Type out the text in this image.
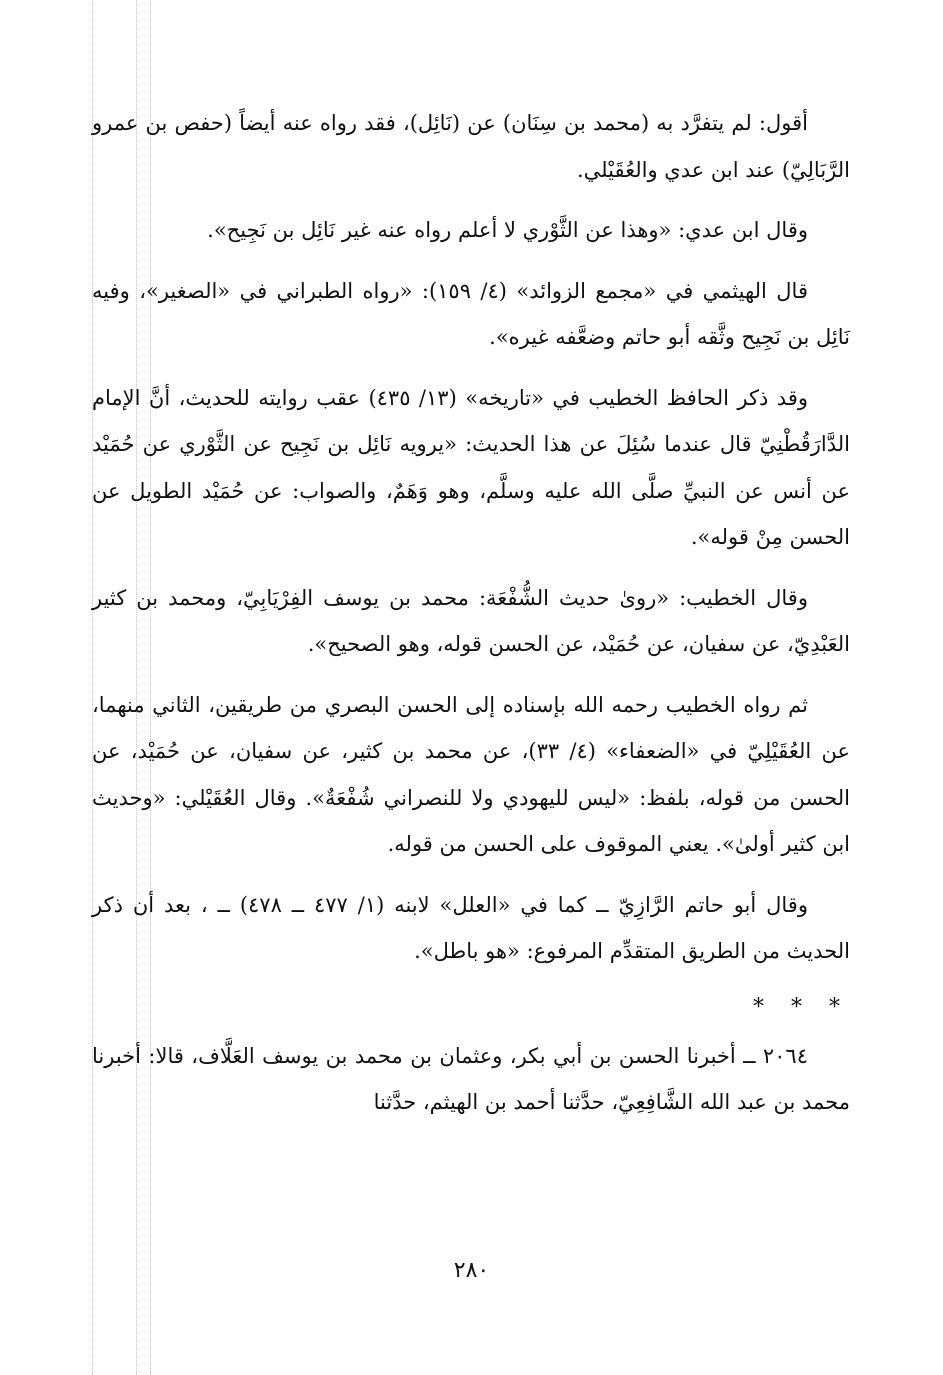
أقول: لم يتفرَّد به (محمد بن سِنَان) عن (نَائِل)، فقد رواه عنه أيضاً (حفص بن عمرو الرَّبَالِيّ) عند ابن عدي والعُقَيْلي.

وقال ابن عدي: «وهذا عن الثَّوْري لا أعلم رواه عنه غير نَائِل بن نَجِيح».

قال الهيثمي في «مجمع الزوائد» (٤/ ١٥٩): «رواه الطبراني في «الصغير»، وفيه نَائِل بن نَجِيح وثَّقه أبو حاتم وضعَّفه غيره».

وقد ذكر الحافظ الخطيب في «تاريخه» (١٣/ ٤٣٥) عقب روايته للحديث، أنَّ الإمام الدَّارَقُطْنِيّ قال عندما سُئِلَ عن هذا الحديث: «يرويه نَائِل بن نَجِيح عن الثَّوْري عن حُمَيْد عن أنس عن النبيِّ صلَّى الله عليه وسلَّم، وهو وَهَمٌ، والصواب: عن حُمَيْد الطويل عن الحسن مِنْ قوله».

وقال الخطيب: «روىٰ حديث الشُّفْعَة: محمد بن يوسف الفِرْيَابِيّ، ومحمد بن كثير العَبْدِيّ، عن سفيان، عن حُمَيْد، عن الحسن قوله، وهو الصحيح».

ثم رواه الخطيب رحمه الله بإسناده إلى الحسن البصري من طريقين، الثاني منهما، عن العُقَيْلِيّ في «الضعفاء» (٤/ ٣٣)، عن محمد بن كثير، عن سفيان، عن حُمَيْد، عن الحسن من قوله، بلفظ: «ليس لليهودي ولا للنصراني شُفْعَةٌ». وقال العُقَيْلي: «وحديث ابن كثير أولىٰ». يعني الموقوف على الحسن من قوله.

وقال أبو حاتم الرَّازِيّ ــ كما في «العلل» لابنه (١/ ٤٧٧ ــ ٤٧٨) ــ ، بعد أن ذكر الحديث من الطريق المتقدِّم المرفوع: «هو باطل».

* * *

٢٠٦٤ ــ أخبرنا الحسن بن أبي بكر، وعثمان بن محمد بن يوسف العَلَّاف، قالا: أخبرنا محمد بن عبد الله الشَّافِعِيّ، حدَّثنا أحمد بن الهيثم، حدَّثنا

٢٨٠
